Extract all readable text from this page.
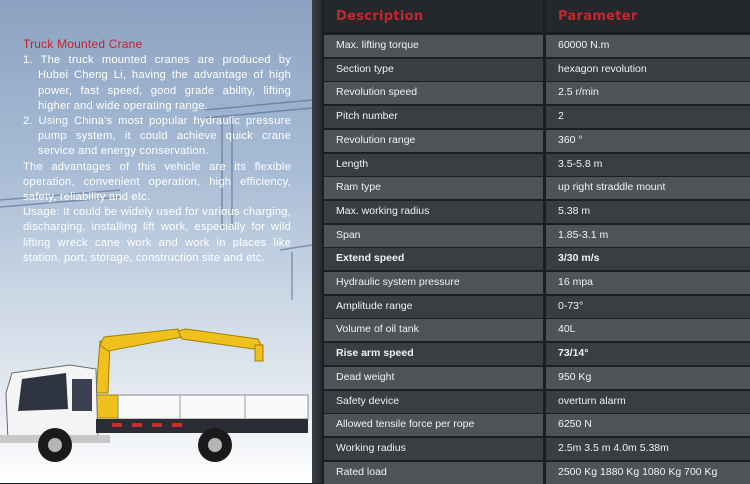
Truck Mounted Crane

1. The truck mounted cranes are produced by Hubei Cheng Li, having the advantage of high power, fast speed, good grade ability, lifting higher and wide operating range.

2. Using China's most popular hydraulic pressure pump system, it could achieve quick crane service and energy conservation.

The advantages of this vehicle are its flexible operation, convenient operation, high efficiency, safety, reliability and etc.

Usage: It could be widely used for various charging, discharging, installing lift work, especially for wild lifting wreck cane work and work in places like station, port, storage, construction site and etc.

Description	Parameter
Max. lifting torque	60000 N.m
Section type	hexagon revolution
Revolution speed	2.5 r/min
Pitch number	2
Revolution range	360 °
Length	3.5-5.8 m
Ram type	up right straddle mount
Max. working radius	5.38 m
Span	1.85-3.1 m
Extend speed	3/30 m/s
Hydraulic system pressure	16 mpa
Amplitude range	0-73°
Volume of oil tank	40L
Rise arm speed	73/14°
Dead weight	950 Kg
Safety device	overturn alarm
Allowed tensile force per rope	6250 N
Working radius	2.5m 3.5 m 4.0m 5.38m
Rated load	2500 Kg 1880 Kg 1080 Kg 700 Kg
